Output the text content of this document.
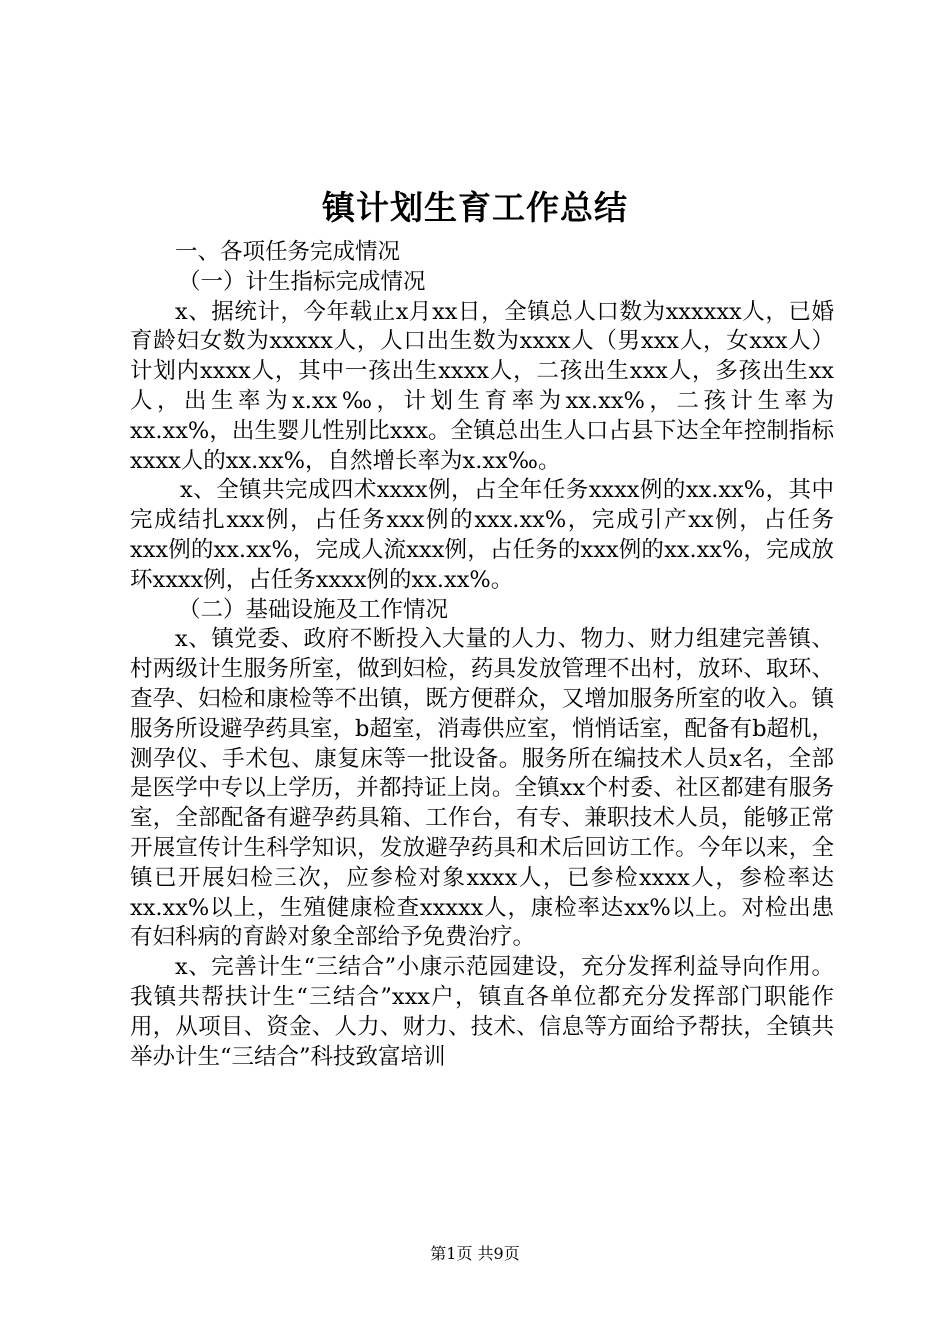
镇计划生育工作总结

一、各项任务完成情况

（一）计生指标完成情况

x、据统计，今年载止x月xx日，全镇总人口数为xxxxxx人，已婚育龄妇女数为xxxxx人，人口出生数为xxxx人（男xxx人，女xxx人）计划内xxxx人，其中一孩出生xxxx人，二孩出生xxx人，多孩出生xx人，出生率为x.xx‰，计划生育率为xx.xx%，二孩计生率为xx.xx%，出生婴儿性别比xxx。全镇总出生人口占县下达全年控制指标xxxx人的xx.xx%，自然增长率为x.xx‰。

x、全镇共完成四术xxxx例，占全年任务xxxx例的xx.xx%，其中完成结扎xxx例，占任务xxx例的xxx.xx%，完成引产xx例，占任务xxx例的xx.xx%，完成人流xxx例，占任务的xxx例的xx.xx%，完成放环xxxx例，占任务xxxx例的xx.xx%。

（二）基础设施及工作情况

x、镇党委、政府不断投入大量的人力、物力、财力组建完善镇、村两级计生服务所室，做到妇检，药具发放管理不出村，放环、取环、查孕、妇检和康检等不出镇，既方便群众，又增加服务所室的收入。镇服务所设避孕药具室，b超室，消毒供应室，悄悄话室，配备有b超机，测孕仪、手术包、康复床等一批设备。服务所在编技术人员x名，全部是医学中专以上学历，并都持证上岗。全镇xx个村委、社区都建有服务室，全部配备有避孕药具箱、工作台，有专、兼职技术人员，能够正常开展宣传计生科学知识，发放避孕药具和术后回访工作。今年以来，全镇已开展妇检三次，应参检对象xxxx人，已参检xxxx人，参检率达xx.xx%以上，生殖健康检查xxxxx人，康检率达xx%以上。对检出患有妇科病的育龄对象全部给予免费治疗。

x、完善计生“三结合”小康示范园建设，充分发挥利益导向作用。我镇共帮扶计生“三结合”xxx户，镇直各单位都充分发挥部门职能作用，从项目、资金、人力、财力、技术、信息等方面给予帮扶，全镇共举办计生“三结合”科技致富培训

第1页 共9页
